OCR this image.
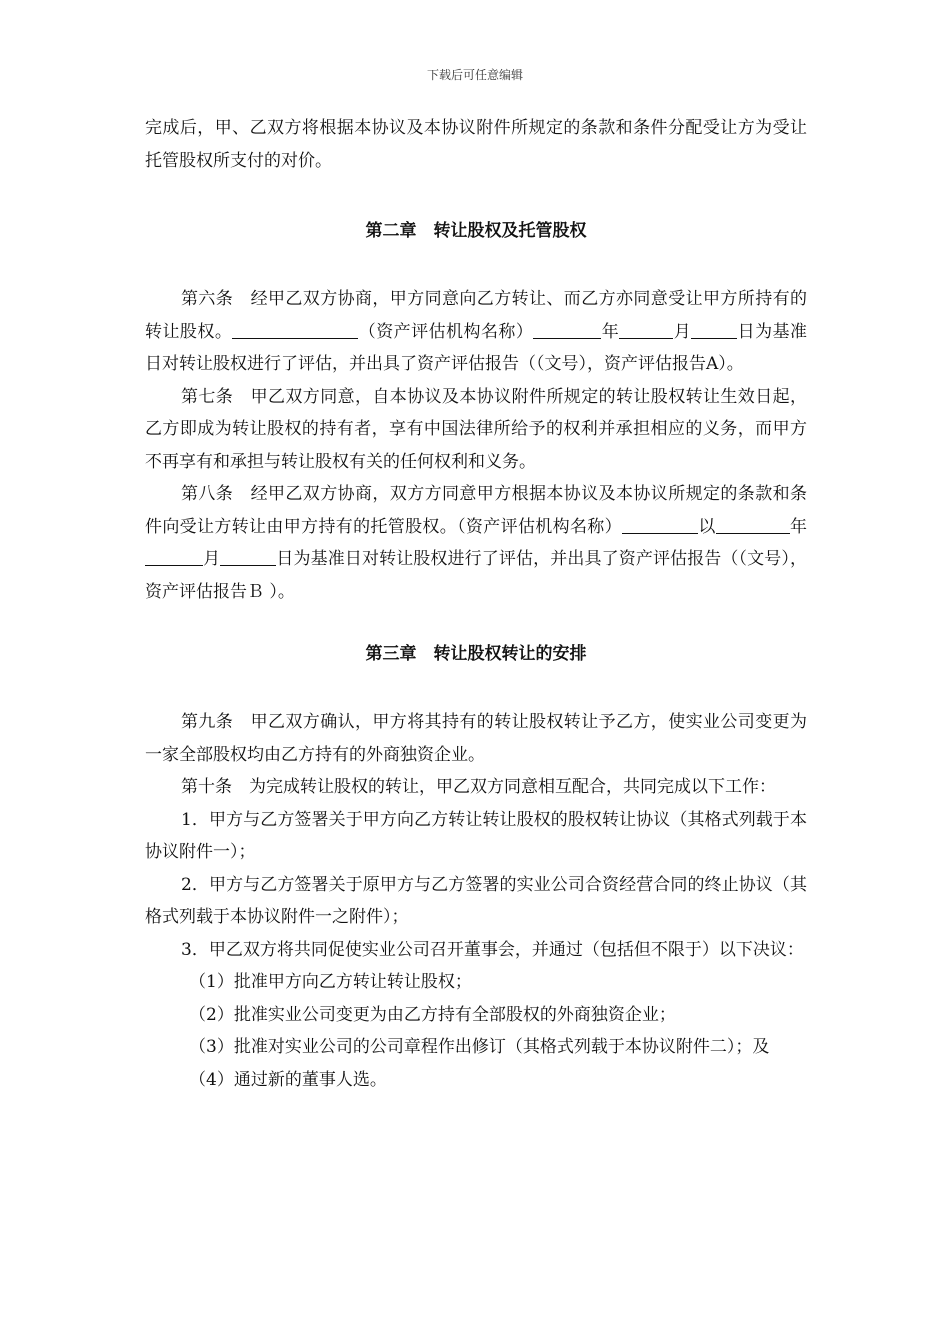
下载后可任意编辑

完成后，甲、乙双方将根据本协议及本协议附件所规定的条款和条件分配受让方为受让托管股权所支付的对价。

第二章　转让股权及托管股权

第六条　经甲乙双方协商，甲方同意向乙方转让、而乙方亦同意受让甲方所持有的转让股权。	（资产评估机构名称）	年	月	日为基准日对转让股权进行了评估，并出具了资产评估报告（（文号），资产评估报告A）。

第七条　甲乙双方同意，自本协议及本协议附件所规定的转让股权转让生效日起，乙方即成为转让股权的持有者，享有中国法律所给予的权利并承担相应的义务，而甲方不再享有和承担与转让股权有关的任何权利和义务。

第八条　经甲乙双方协商，双方方同意甲方根据本协议及本协议所规定的条款和条件向受让方转让由甲方持有的托管股权。（资产评估机构名称）	以	年月	日为基准日对转让股权进行了评估，并出具了资产评估报告（（文号），资产评估报告Ｂ ）。

第三章　转让股权转让的安排

第九条　甲乙双方确认，甲方将其持有的转让股权转让予乙方，使实业公司变更为一家全部股权均由乙方持有的外商独资企业。

第十条　为完成转让股权的转让，甲乙双方同意相互配合，共同完成以下工作：

1．甲方与乙方签署关于甲方向乙方转让转让股权的股权转让协议（其格式列载于本协议附件一）；

2．甲方与乙方签署关于原甲方与乙方签署的实业公司合资经营合同的终止协议（其格式列载于本协议附件一之附件）；

3．甲乙双方将共同促使实业公司召开董事会，并通过（包括但不限于）以下决议：

（1）批准甲方向乙方转让转让股权；

（2）批准实业公司变更为由乙方持有全部股权的外商独资企业；

（3）批准对实业公司的公司章程作出修订（其格式列载于本协议附件二）；及

（4）通过新的董事人选。
